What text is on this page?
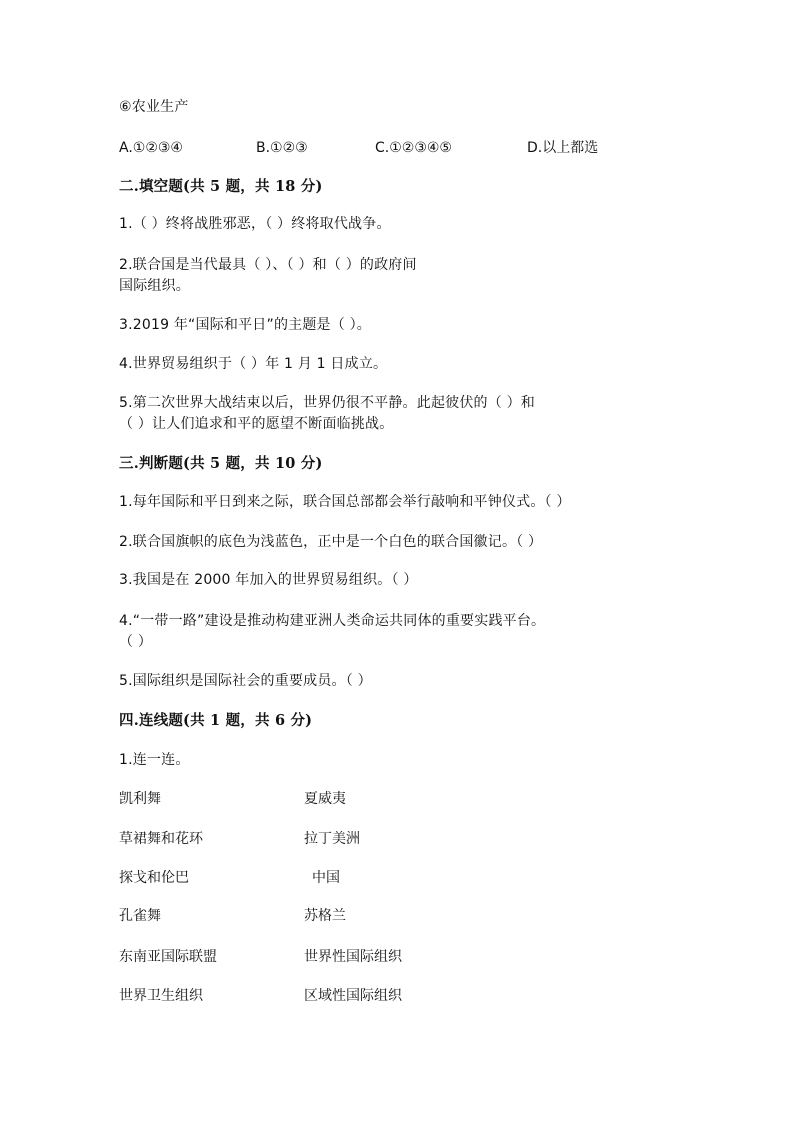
⑥农业生产
A.①②③④	B.①②③	C.①②③④⑤	D.以上都选
二.填空题(共 5 题，共 18 分)
1.（ ）终将战胜邪恶，（ ）终将取代战争。
2.联合国是当代最具（ ）、（ ）和（ ）的政府间
国际组织。
3.2019 年“国际和平日”的主题是（ ）。
4.世界贸易组织于（ ）年 1 月 1 日成立。
5.第二次世界大战结束以后，世界仍很不平静。此起彼伏的（ ）和
（ ）让人们追求和平的愿望不断面临挑战。
三.判断题(共 5 题，共 10 分)
1.每年国际和平日到来之际，联合国总部都会举行敲响和平钟仪式。（ ）
2.联合国旗帜的底色为浅蓝色，正中是一个白色的联合国徽记。（ ）
3.我国是在 2000 年加入的世界贸易组织。（ ）
4.“一带一路”建设是推动构建亚洲人类命运共同体的重要实践平台。
（ ）
5.国际组织是国际社会的重要成员。（ ）
四.连线题(共 1 题，共 6 分)
1.连一连。
凯利舞	夏威夷
草裙舞和花环	拉丁美洲
探戈和伦巴	中国
孔雀舞	苏格兰
东南亚国际联盟	世界性国际组织
世界卫生组织	区域性国际组织
